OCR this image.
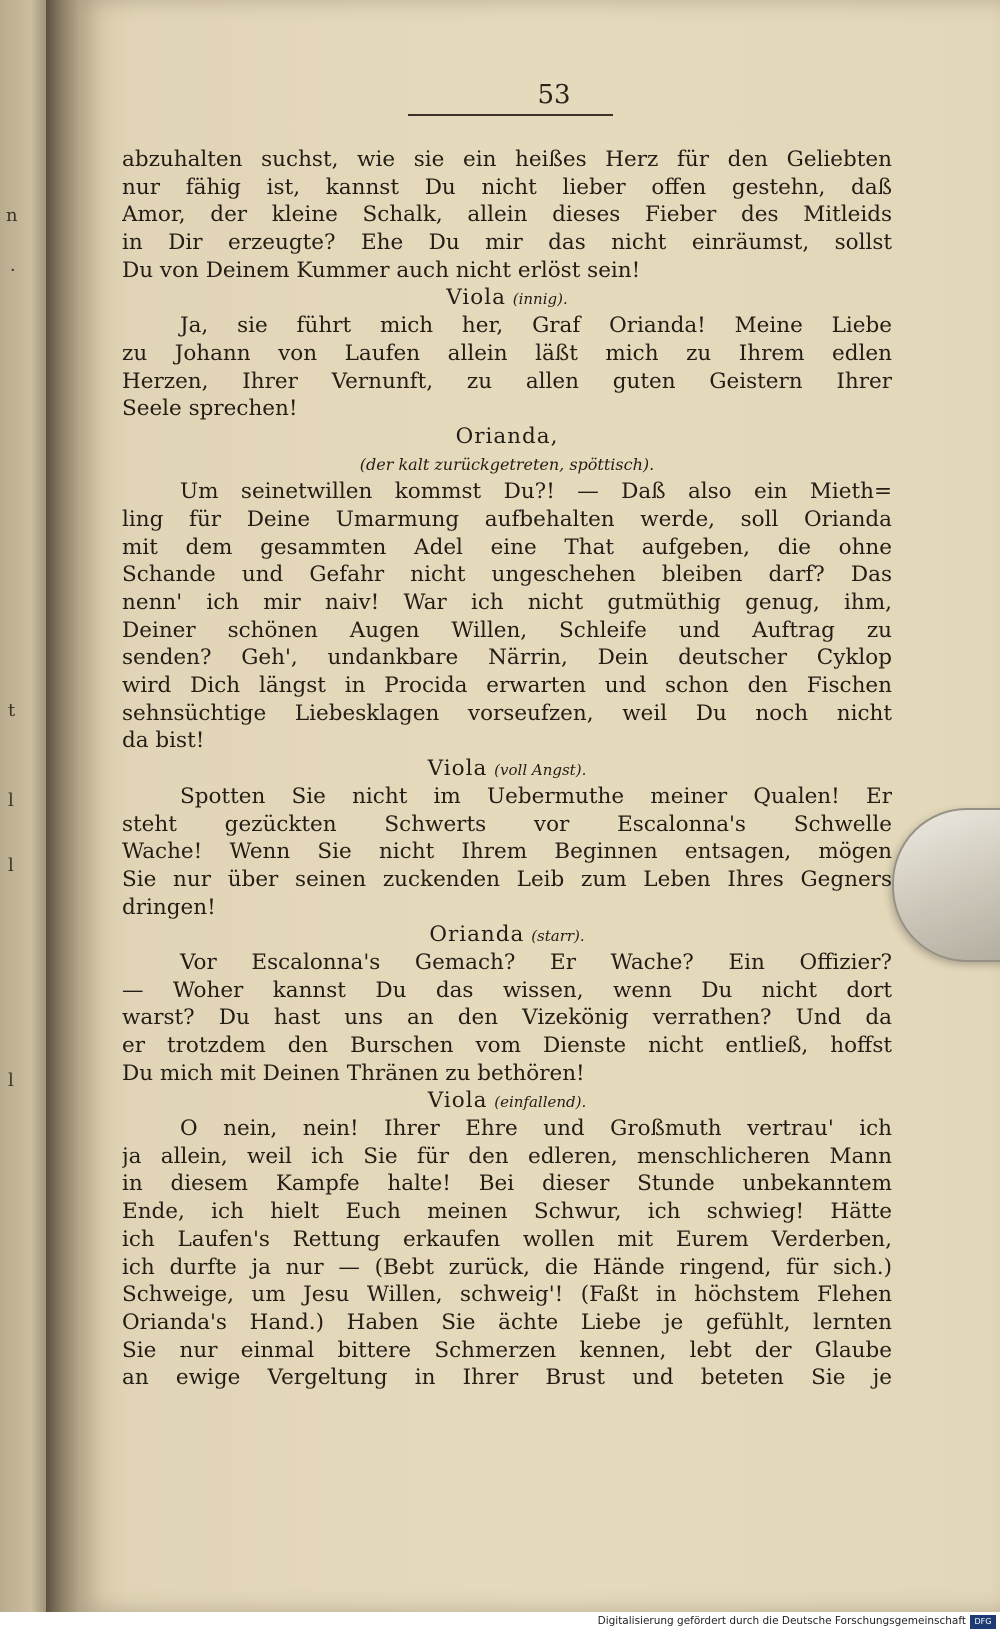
n
·
t
l
l
l
53
abzuhalten suchst, wie sie ein heißes Herz für den Geliebten
nur fähig ist, kannst Du nicht lieber offen gestehn, daß
Amor, der kleine Schalk, allein dieses Fieber des Mitleids
in Dir erzeugte? Ehe Du mir das nicht einräumst, sollst
Du von Deinem Kummer auch nicht erlöst sein!
Viola (innig).
Ja, sie führt mich her, Graf Orianda! Meine Liebe
zu Johann von Laufen allein läßt mich zu Ihrem edlen
Herzen, Ihrer Vernunft, zu allen guten Geistern Ihrer
Seele sprechen!
Orianda,
(der kalt zurückgetreten, spöttisch).
Um seinetwillen kommst Du?! — Daß also ein Mieth=
ling für Deine Umarmung aufbehalten werde, soll Orianda
mit dem gesammten Adel eine That aufgeben, die ohne
Schande und Gefahr nicht ungeschehen bleiben darf? Das
nenn' ich mir naiv! War ich nicht gutmüthig genug, ihm,
Deiner schönen Augen Willen, Schleife und Auftrag zu
senden? Geh', undankbare Närrin, Dein deutscher Cyklop
wird Dich längst in Procida erwarten und schon den Fischen
sehnsüchtige Liebesklagen vorseufzen, weil Du noch nicht
da bist!
Viola (voll Angst).
Spotten Sie nicht im Uebermuthe meiner Qualen! Er
steht gezückten Schwerts vor Escalonna's Schwelle
Wache! Wenn Sie nicht Ihrem Beginnen entsagen, mögen
Sie nur über seinen zuckenden Leib zum Leben Ihres Gegners
dringen!
Orianda (starr).
Vor Escalonna's Gemach? Er Wache? Ein Offizier?
— Woher kannst Du das wissen, wenn Du nicht dort
warst? Du hast uns an den Vizekönig verrathen? Und da
er trotzdem den Burschen vom Dienste nicht entließ, hoffst
Du mich mit Deinen Thränen zu bethören!
Viola (einfallend).
O nein, nein! Ihrer Ehre und Großmuth vertrau' ich
ja allein, weil ich Sie für den edleren, menschlicheren Mann
in diesem Kampfe halte! Bei dieser Stunde unbekanntem
Ende, ich hielt Euch meinen Schwur, ich schwieg! Hätte
ich Laufen's Rettung erkaufen wollen mit Eurem Verderben,
ich durfte ja nur — (Bebt zurück, die Hände ringend, für sich.)
Schweige, um Jesu Willen, schweig'! (Faßt in höchstem Flehen
Orianda's Hand.) Haben Sie ächte Liebe je gefühlt, lernten
Sie nur einmal bittere Schmerzen kennen, lebt der Glaube
an ewige Vergeltung in Ihrer Brust und beteten Sie je
Digitalisierung gefördert durch die Deutsche Forschungsgemeinschaft	DFG
